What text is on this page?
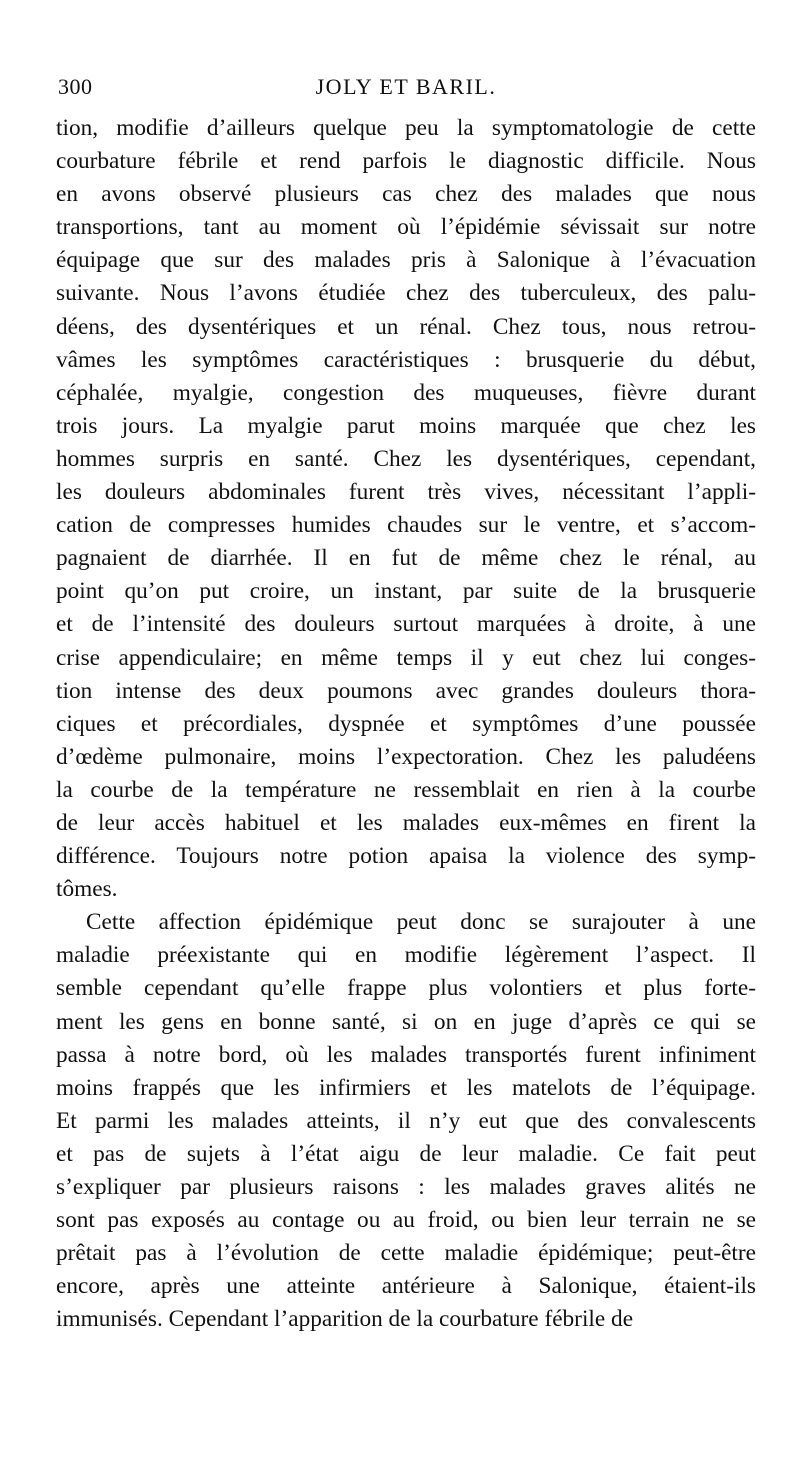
300	JOLY ET BARIL.
tion, modifie d’ailleurs quelque peu la symptomatologie de cette
courbature fébrile et rend parfois le diagnostic difficile. Nous
en avons observé plusieurs cas chez des malades que nous
transportions, tant au moment où l’épidémie sévissait sur notre
équipage que sur des malades pris à Salonique à l’évacuation
suivante. Nous l’avons étudiée chez des tuberculeux, des palu-
déens, des dysentériques et un rénal. Chez tous, nous retrou-
vâmes les symptômes caractéristiques : brusquerie du début,
céphalée, myalgie, congestion des muqueuses, fièvre durant
trois jours. La myalgie parut moins marquée que chez les
hommes surpris en santé. Chez les dysentériques, cependant,
les douleurs abdominales furent très vives, nécessitant l’appli-
cation de compresses humides chaudes sur le ventre, et s’accom-
pagnaient de diarrhée. Il en fut de même chez le rénal, au
point qu’on put croire, un instant, par suite de la brusquerie
et de l’intensité des douleurs surtout marquées à droite, à une
crise appendiculaire; en même temps il y eut chez lui conges-
tion intense des deux poumons avec grandes douleurs thora-
ciques et précordiales, dyspnée et symptômes d’une poussée
d’œdème pulmonaire, moins l’expectoration. Chez les paludéens
la courbe de la température ne ressemblait en rien à la courbe
de leur accès habituel et les malades eux-mêmes en firent la
différence. Toujours notre potion apaisa la violence des symp-
tômes.
Cette affection épidémique peut donc se surajouter à une
maladie préexistante qui en modifie légèrement l’aspect. Il
semble cependant qu’elle frappe plus volontiers et plus forte-
ment les gens en bonne santé, si on en juge d’après ce qui se
passa à notre bord, où les malades transportés furent infiniment
moins frappés que les infirmiers et les matelots de l’équipage.
Et parmi les malades atteints, il n’y eut que des convalescents
et pas de sujets à l’état aigu de leur maladie. Ce fait peut
s’expliquer par plusieurs raisons : les malades graves alités ne
sont pas exposés au contage ou au froid, ou bien leur terrain ne se
prêtait pas à l’évolution de cette maladie épidémique; peut-être
encore, après une atteinte antérieure à Salonique, étaient-ils
immunisés. Cependant l’apparition de la courbature fébrile de
